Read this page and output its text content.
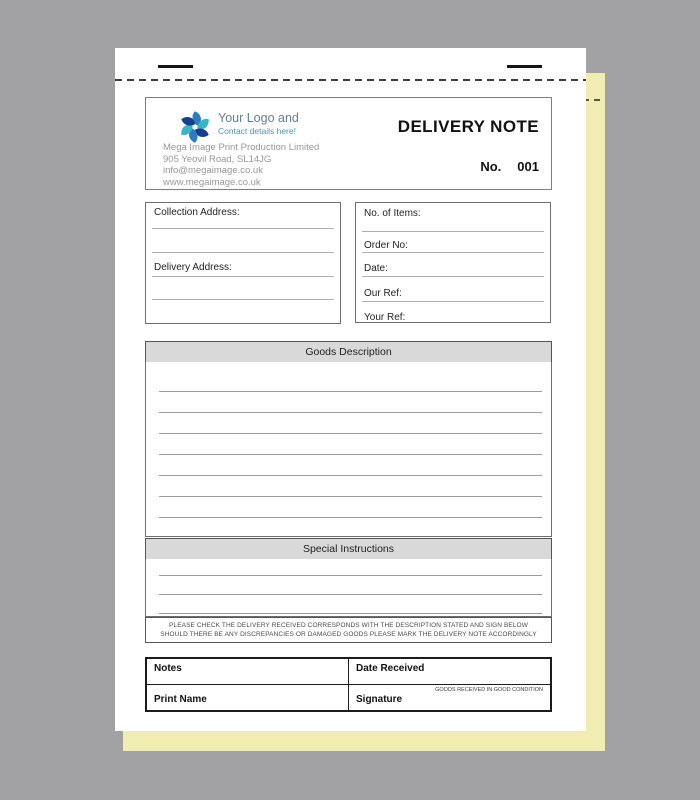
Your Logo and
Contact details here!
Mega Image Print Production Limited
905 Yeovil Road, SL14JG
info@megaimage.co.uk
www.megaimage.co.uk
DELIVERY NOTE
No. 001
Collection Address:
Delivery Address:
No. of Items:
Order No:
Date:
Our Ref:
Your Ref:
Goods Description
Special Instructions
PLEASE CHECK THE DELIVERY RECEIVED CORRESPONDS WITH THE DESCRIPTION STATED AND SIGN BELOW
SHOULD THERE BE ANY DISCREPANCIES OR DAMAGED GOODS PLEASE MARK THE DELIVERY NOTE ACCORDINGLY
Notes	Date Received
Print Name
GOODS RECEIVED IN GOOD CONDITION
Signature
